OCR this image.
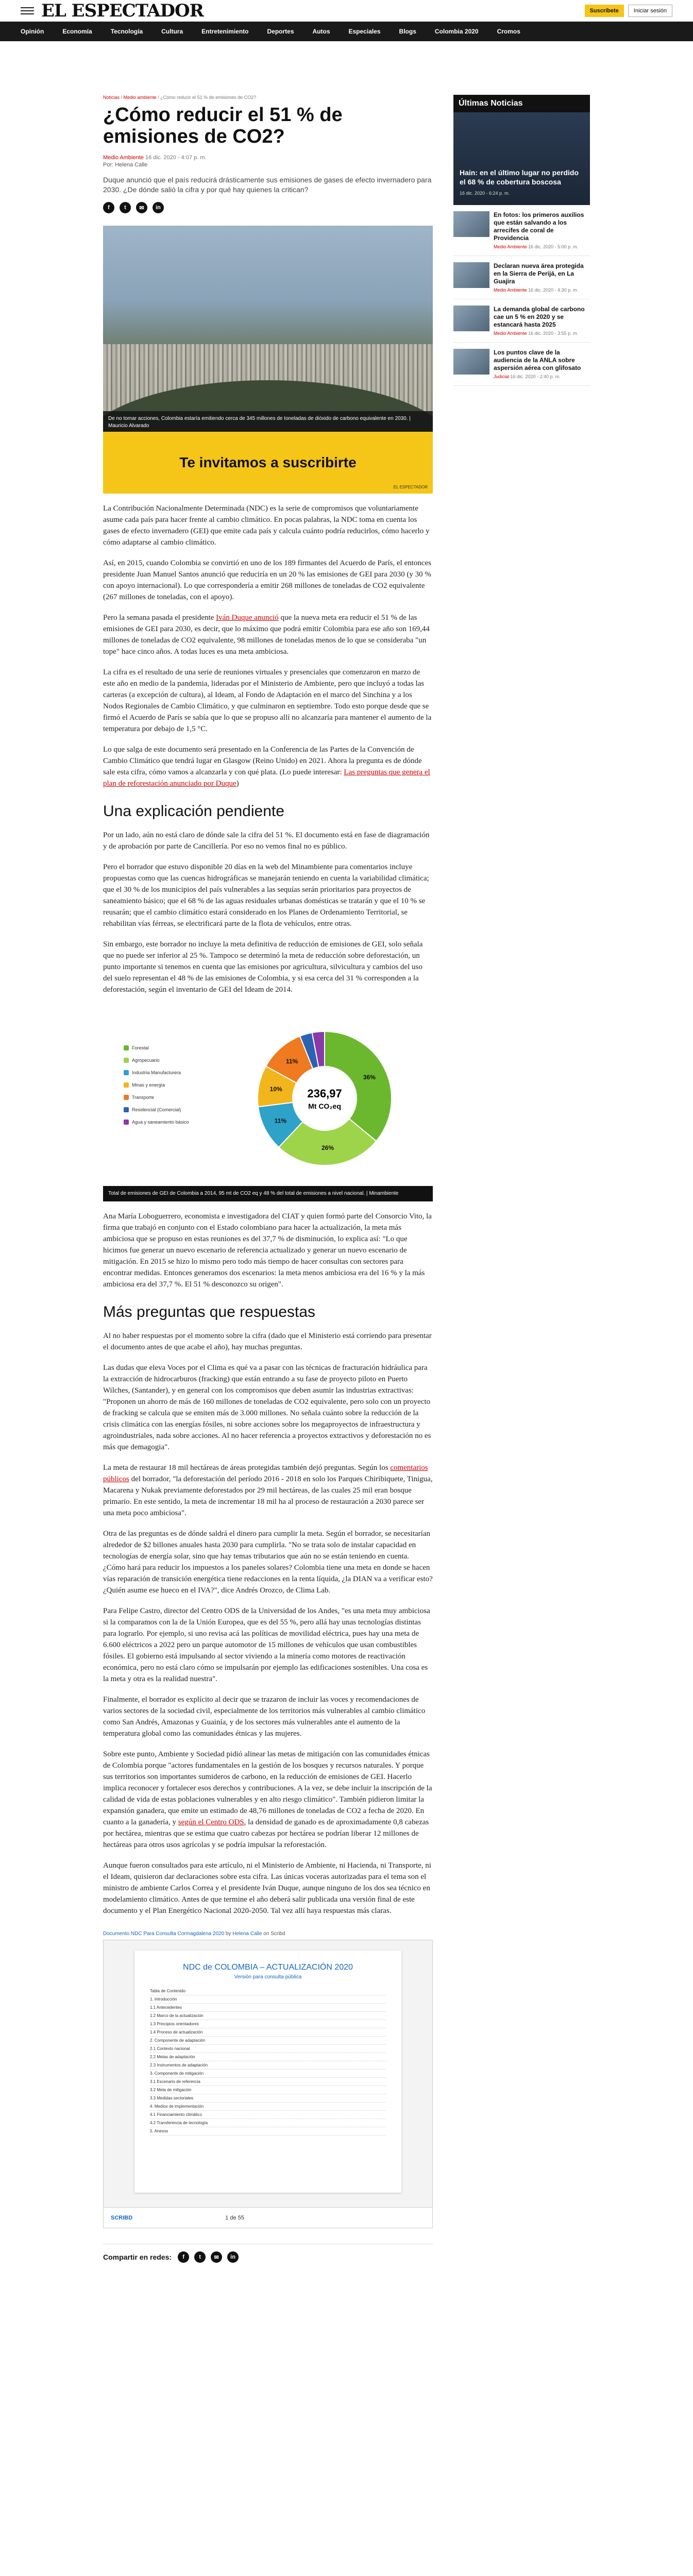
EL ESPECTADOR	Suscríbete	Iniciar sesión
Opinión	Economía	Tecnología	Cultura	Entretenimiento	Deportes	Autos	Especiales	Blogs	Colombia 2020	Cromos
Noticias / Medio ambiente / ¿Cómo reducir el 51 % de emisiones de CO2?
¿Cómo reducir el 51 % de emisiones de CO2?
Medio Ambiente 16 dic. 2020 - 4:07 p. m.
Por: Helena Calle

Duque anunció que el país reducirá drásticamente sus emisiones de gases de efecto invernadero para 2030. ¿De dónde salió la cifra y por qué hay quienes la critican?

f	t	✉	in
De no tomar acciones, Colombia estaría emitiendo cerca de 345 millones de toneladas de dióxido de carbono equivalente en 2030. | Mauricio Alvarado
Te invitamos a suscribirte
EL ESPECTADOR

La Contribución Nacionalmente Determinada (NDC) es la serie de compromisos que voluntariamente asume cada país para hacer frente al cambio climático. En pocas palabras, la NDC toma en cuenta los gases de efecto invernadero (GEI) que emite cada país y calcula cuánto podría reducirlos, cómo hacerlo y cómo adaptarse al cambio climático.

Así, en 2015, cuando Colombia se convirtió en uno de los 189 firmantes del Acuerdo de París, el entonces presidente Juan Manuel Santos anunció que reduciría en un 20 % las emisiones de GEI para 2030 (y 30 % con apoyo internacional). Lo que correspondería a emitir 268 millones de toneladas de CO2 equivalente (267 millones de toneladas, con el apoyo).

Pero la semana pasada el presidente Iván Duque anunció que la nueva meta era reducir el 51 % de las emisiones de GEI para 2030, es decir, que lo máximo que podrá emitir Colombia para ese año son 169,44 millones de toneladas de CO2 equivalente, 98 millones de toneladas menos de lo que se consideraba "un tope" hace cinco años. A todas luces es una meta ambiciosa.

La cifra es el resultado de una serie de reuniones virtuales y presenciales que comenzaron en marzo de este año en medio de la pandemia, lideradas por el Ministerio de Ambiente, pero que incluyó a todas las carteras (a excepción de cultura), al Ideam, al Fondo de Adaptación en el marco del Sinchina y a los Nodos Regionales de Cambio Climático, y que culminaron en septiembre. Todo esto porque desde que se firmó el Acuerdo de París se sabía que lo que se propuso allí no alcanzaría para mantener el aumento de la temperatura por debajo de 1,5 °C.

Lo que salga de este documento será presentado en la Conferencia de las Partes de la Convención de Cambio Climático que tendrá lugar en Glasgow (Reino Unido) en 2021. Ahora la pregunta es de dónde sale esta cifra, cómo vamos a alcanzarla y con qué plata. (Lo puede interesar: Las preguntas que genera el plan de reforestación anunciado por Duque)

Una explicación pendiente

Por un lado, aún no está claro de dónde sale la cifra del 51 %. El documento está en fase de diagramación y de aprobación por parte de Cancillería. Por eso no vemos final no es público.

Pero el borrador que estuvo disponible 20 días en la web del Minambiente para comentarios incluye propuestas como que las cuencas hidrográficas se manejarán teniendo en cuenta la variabilidad climática; que el 30 % de los municipios del país vulnerables a las sequías serán prioritarios para proyectos de saneamiento básico; que el 68 % de las aguas residuales urbanas domésticas se tratarán y que el 10 % se reusarán; que el cambio climático estará considerado en los Planes de Ordenamiento Territorial, se rehabilitan vías férreas, se electrificará parte de la flota de vehículos, entre otras.

Sin embargo, este borrador no incluye la meta definitiva de reducción de emisiones de GEI, solo señala que no puede ser inferior al 25 %. Tampoco se determinó la meta de reducción sobre deforestación, un punto importante si tenemos en cuenta que las emisiones por agricultura, silvicultura y cambios del uso del suelo representan el 48 % de las emisiones de Colombia, y si esa cerca del 31 % corresponden a la deforestación, según el inventario de GEI del Ideam de 2014.

Forestal
Agropecuario
Industria Manufacturera
Minas y energía
Transporte
Residencial (Comercial)
Agua y saneamiento básico
36%
26%
11%
10%
11%
236,97
Mt CO₂eq
Total de emisiones de GEI de Colombia a 2014, 95 mt de CO2 eq y 48 % del total de emisiones a nivel nacional. | Minambiente

Ana María Loboguerrero, economista e investigadora del CIAT y quien formó parte del Consorcio Vito, la firma que trabajó en conjunto con el Estado colombiano para hacer la actualización, la meta más ambiciosa que se propuso en estas reuniones es del 37,7 % de disminución, lo explica así: "Lo que hicimos fue generar un nuevo escenario de referencia actualizado y generar un nuevo escenario de mitigación. En 2015 se hizo lo mismo pero todo más tiempo de hacer consultas con sectores para encontrar medidas. Entonces generamos dos escenarios: la meta menos ambiciosa era del 16 % y la más ambiciosa era del 37,7 %. El 51 % desconozco su origen".

Más preguntas que respuestas

Al no haber respuestas por el momento sobre la cifra (dado que el Ministerio está corriendo para presentar el documento antes de que acabe el año), hay muchas preguntas.

Las dudas que eleva Voces por el Clima es qué va a pasar con las técnicas de fracturación hidráulica para la extracción de hidrocarburos (fracking) que están entrando a su fase de proyecto piloto en Puerto Wilches, (Santander), y en general con los compromisos que deben asumir las industrias extractivas: "Proponen un ahorro de más de 160 millones de toneladas de CO2 equivalente, pero solo con un proyecto de fracking se calcula que se emiten más de 3.000 millones. No señala cuánto sobre la reducción de la crisis climática con las energías fósiles, ni sobre acciones sobre los megaproyectos de infraestructura y agroindustriales, nada sobre acciones. Al no hacer referencia a proyectos extractivos y deforestación no es más que demagogia".

La meta de restaurar 18 mil hectáreas de áreas protegidas también dejó preguntas. Según los comentarios públicos del borrador, "la deforestación del período 2016 - 2018 en solo los Parques Chiribiquete, Tinigua, Macarena y Nukak previamente deforestados por 29 mil hectáreas, de las cuales 25 mil eran bosque primario. En este sentido, la meta de incrementar 18 mil ha al proceso de restauración a 2030 parece ser una meta poco ambiciosa".

Otra de las preguntas es de dónde saldrá el dinero para cumplir la meta. Según el borrador, se necesitarían alrededor de $2 billones anuales hasta 2030 para cumplirla. "No se trata solo de instalar capacidad en tecnologías de energía solar, sino que hay temas tributarios que aún no se están teniendo en cuenta. ¿Cómo hará para reducir los impuestos a los paneles solares? Colombia tiene una meta en donde se hacen vías reparación de transición energética tiene redacciones en la renta líquida, ¿la DIAN va a verificar esto? ¿Quién asume ese hueco en el IVA?", dice Andrés Orozco, de Clima Lab.

Para Felipe Castro, director del Centro ODS de la Universidad de los Andes, "es una meta muy ambiciosa si la comparamos con la de la Unión Europea, que es del 55 %, pero allá hay unas tecnologías distintas para lograrlo. Por ejemplo, si uno revisa acá las políticas de movilidad eléctrica, pues hay una meta de 6.600 eléctricos a 2022 pero un parque automotor de 15 millones de vehículos que usan combustibles fósiles. El gobierno está impulsando al sector viviendo a la minería como motores de reactivación económica, pero no está claro cómo se impulsarán por ejemplo las edificaciones sostenibles. Una cosa es la meta y otra es la realidad nuestra".

Finalmente, el borrador es explícito al decir que se trazaron de incluir las voces y recomendaciones de varios sectores de la sociedad civil, especialmente de los territorios más vulnerables al cambio climático como San Andrés, Amazonas y Guainía, y de los sectores más vulnerables ante el aumento de la temperatura global como las comunidades étnicas y las mujeres.

Sobre este punto, Ambiente y Sociedad pidió alinear las metas de mitigación con las comunidades étnicas de Colombia porque "actores fundamentales en la gestión de los bosques y recursos naturales. Y porque sus territorios son importantes sumideros de carbono, en la reducción de emisiones de GEI. Hacerlo implica reconocer y fortalecer esos derechos y contribuciones. A la vez, se debe incluir la inscripción de la calidad de vida de estas poblaciones vulnerables y en alto riesgo climático". También pidieron limitar la expansión ganadera, que emite un estimado de 48,76 millones de toneladas de CO2 a fecha de 2020. En cuanto a la ganadería, y según el Centro ODS, la densidad de ganado es de aproximadamente 0,8 cabezas por hectárea, mientras que se estima que cuatro cabezas por hectárea se podrían liberar 12 millones de hectáreas para otros usos agrícolas y se podría impulsar la reforestación.

Aunque fueron consultados para este artículo, ni el Ministerio de Ambiente, ni Hacienda, ni Transporte, ni el Ideam, quisieron dar declaraciones sobre esta cifra. Las únicas voceras autorizadas para el tema son el ministro de ambiente Carlos Correa y el presidente Iván Duque, aunque ninguno de los dos sea técnico en modelamiento climático. Antes de que termine el año deberá salir publicada una versión final de este documento y el Plan Energético Nacional 2020-2050. Tal vez allí haya respuestas más claras.

Documento NDC Para Consulta Cormagdalena 2020 by Helena Calle on Scribd
NDC de COLOMBIA – ACTUALIZACIÓN 2020
Versión para consulta pública
Tabla de Contenido
1. Introducción
1.1 Antecedentes
1.2 Marco de la actualización
1.3 Principios orientadores
1.4 Proceso de actualización
2. Componente de adaptación
2.1 Contexto nacional
2.2 Metas de adaptación
2.3 Instrumentos de adaptación
3. Componente de mitigación
3.1 Escenario de referencia
3.2 Meta de mitigación
3.3 Medidas sectoriales
4. Medios de implementación
4.1 Financiamiento climático
4.2 Transferencia de tecnología
5. Anexos
SCRIBD	1 de 55
Compartir en redes:	f	t	✉	in
Últimas Noticias
Hain: en el último lugar no perdido el 68 % de cobertura boscosa
16 dic. 2020 - 6:24 p. m.
En fotos: los primeros auxilios que están salvando a los arrecifes de coral de Providencia
Medio Ambiente 16 dic. 2020 - 5:00 p. m.
Declaran nueva área protegida en la Sierra de Perijá, en La Guajira
Medio Ambiente 16 dic. 2020 - 4:30 p. m.
La demanda global de carbono cae un 5 % en 2020 y se estancará hasta 2025
Medio Ambiente 16 dic. 2020 - 3:55 p. m.
Los puntos clave de la audiencia de la ANLA sobre aspersión aérea con glifosato
Judicial 16 dic. 2020 - 2:40 p. m.
